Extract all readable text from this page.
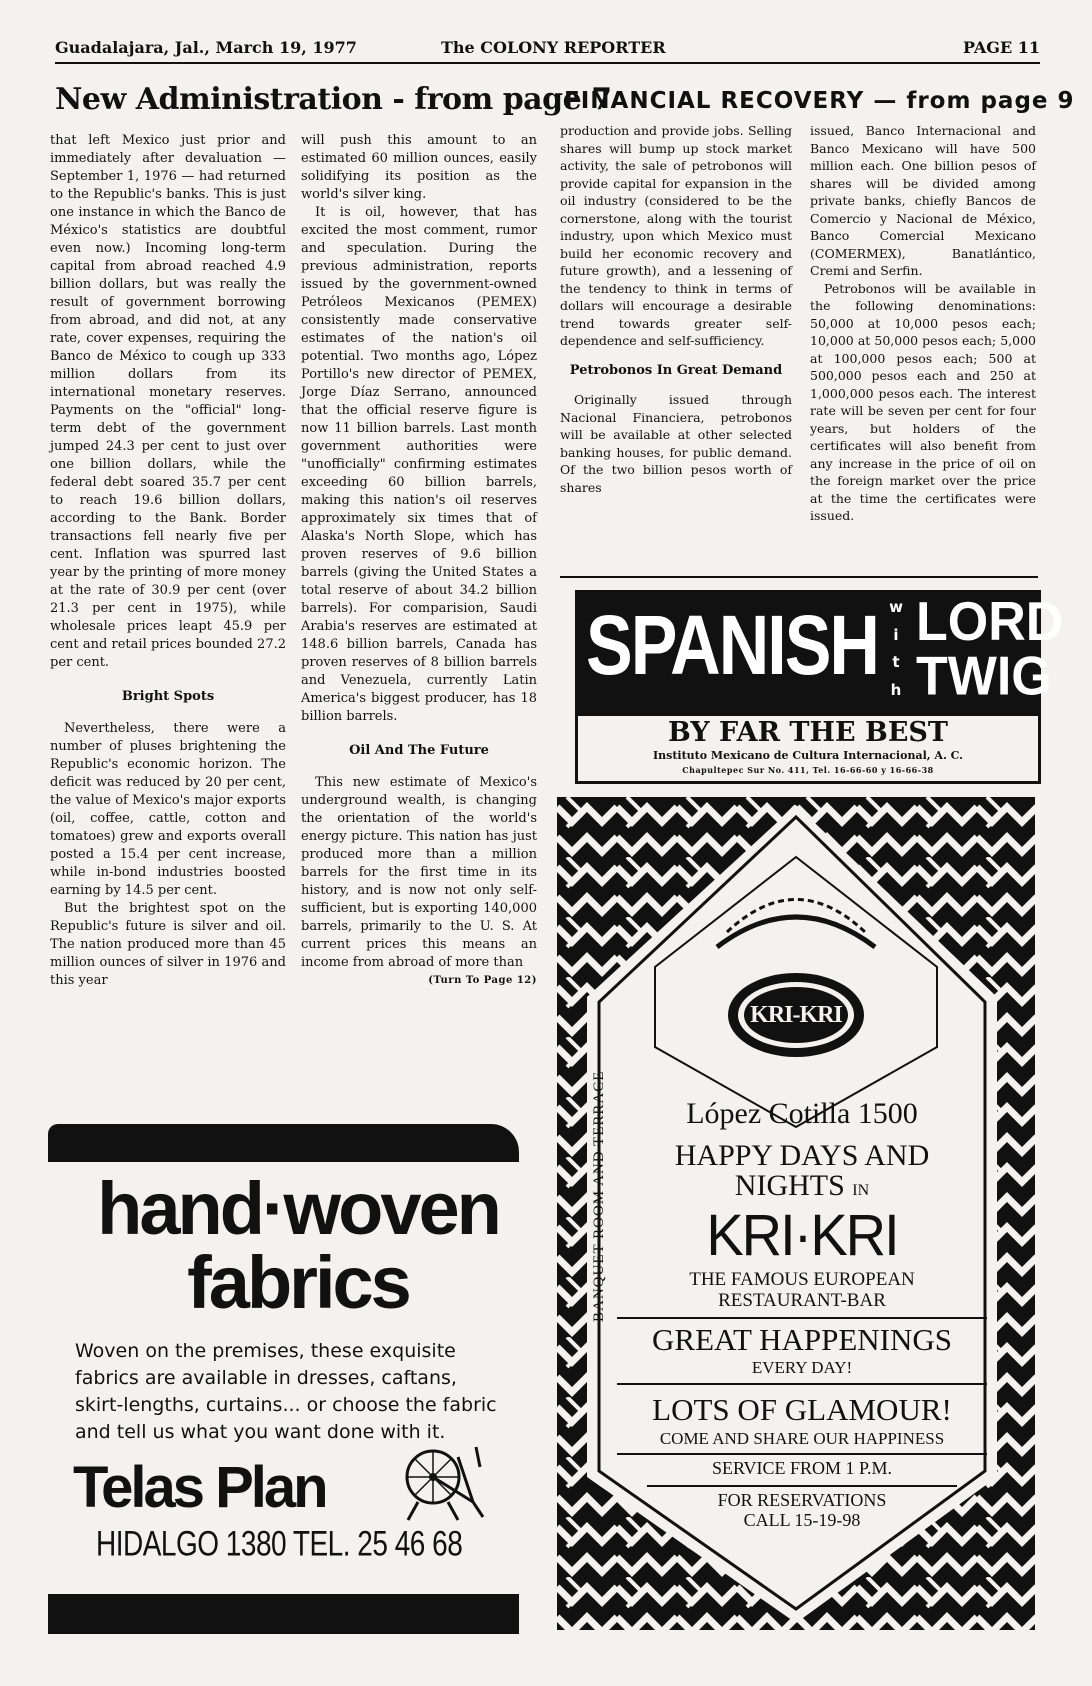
Guadalajara, Jal., March 19, 1977	The COLONY REPORTER	PAGE 11
New Administration - from page 7

that left Mexico just prior and immediately after devaluation — September 1, 1976 — had returned to the Republic's banks. This is just one instance in which the Banco de México's statistics are doubtful even now.) Incoming long-term capital from abroad reached 4.9 billion dollars, but was really the result of government borrowing from abroad, and did not, at any rate, cover expenses, requiring the Banco de México to cough up 333 million dollars from its international monetary reserves. Payments on the "official" long-term debt of the government jumped 24.3 per cent to just over one billion dollars, while the federal debt soared 35.7 per cent to reach 19.6 billion dollars, according to the Bank. Border transactions fell nearly five per cent. Inflation was spurred last year by the printing of more money at the rate of 30.9 per cent (over 21.3 per cent in 1975), while wholesale prices leapt 45.9 per cent and retail prices bounded 27.2 per cent.

Bright Spots

Nevertheless, there were a number of pluses brightening the Republic's economic horizon. The deficit was reduced by 20 per cent, the value of Mexico's major exports (oil, coffee, cattle, cotton and tomatoes) grew and exports overall posted a 15.4 per cent increase, while in-bond industries boosted earning by 14.5 per cent.

But the brightest spot on the Republic's future is silver and oil. The nation produced more than 45 million ounces of silver in 1976 and this year

will push this amount to an estimated 60 million ounces, easily solidifying its position as the world's silver king.

It is oil, however, that has excited the most comment, rumor and speculation. During the previous administration, reports issued by the government-owned Petróleos Mexicanos (PEMEX) consistently made conservative estimates of the nation's oil potential. Two months ago, López Portillo's new director of PEMEX, Jorge Díaz Serrano, announced that the official reserve figure is now 11 billion barrels. Last month government authorities were "unofficially" confirming estimates exceeding 60 billion barrels, making this nation's oil reserves approximately six times that of Alaska's North Slope, which has proven reserves of 9.6 billion barrels (giving the United States a total reserve of about 34.2 billion barrels). For comparision, Saudi Arabia's reserves are estimated at 148.6 billion barrels, Canada has proven reserves of 8 billion barrels and Venezuela, currently Latin America's biggest producer, has 18 billion barrels.

Oil And The Future

This new estimate of Mexico's underground wealth, is changing the orientation of the world's energy picture. This nation has just produced more than a million barrels for the first time in its history, and is now not only self-sufficient, but is exporting 140,000 barrels, primarily to the U. S. At current prices this means an income from abroad of more than

(Turn To Page 12)
FINANCIAL RECOVERY — from page 9

production and provide jobs. Selling shares will bump up stock market activity, the sale of petrobonos will provide capital for expansion in the oil industry (considered to be the cornerstone, along with the tourist industry, upon which Mexico must build her economic recovery and future growth), and a lessening of the tendency to think in terms of dollars will encourage a desirable trend towards greater self-dependence and self-sufficiency.

Petrobonos In Great Demand

Originally issued through Nacional Financiera, petrobonos will be available at other selected banking houses, for public demand. Of the two billion pesos worth of shares

issued, Banco Internacional and Banco Mexicano will have 500 million each. One billion pesos of shares will be divided among private banks, chiefly Bancos de Comercio y Nacional de México, Banco Comercial Mexicano (COMERMEX), Banatlántico, Cremi and Serfin.

Petrobonos will be available in the following denominations: 50,000 at 10,000 pesos each; 10,000 at 50,000 pesos each; 5,000 at 100,000 pesos each; 500 at 500,000 pesos each and 250 at 1,000,000 pesos each. The interest rate will be seven per cent for four years, but holders of the certificates will also benefit from any increase in the price of oil on the foreign market over the price at the time the certificates were issued.

SPANISH w
i
t
h
LORD
TWIG
BY FAR THE BEST
Instituto Mexicano de Cultura Internacional, A. C.
Chapultepec Sur No. 411, Tel. 16-66-60 y 16-66-38
KRI-KRI
López Cotilla 1500
HAPPY DAYS AND
NIGHTS IN
KRI·KRI
THE FAMOUS EUROPEAN
RESTAURANT-BAR
GREAT HAPPENINGS
EVERY DAY!
LOTS OF GLAMOUR!
COME AND SHARE OUR HAPPINESS
SERVICE FROM 1 P.M.
FOR RESERVATIONS
CALL 15-19-98
BANQUET ROOM AND TERRACE
hand·woven
fabrics
Woven on the premises, these exquisite fabrics are available in dresses, caftans, skirt-lengths, curtains... or choose the fabric and tell us what you want done with it.
Telas Plan
HIDALGO 1380 TEL. 25 46 68
